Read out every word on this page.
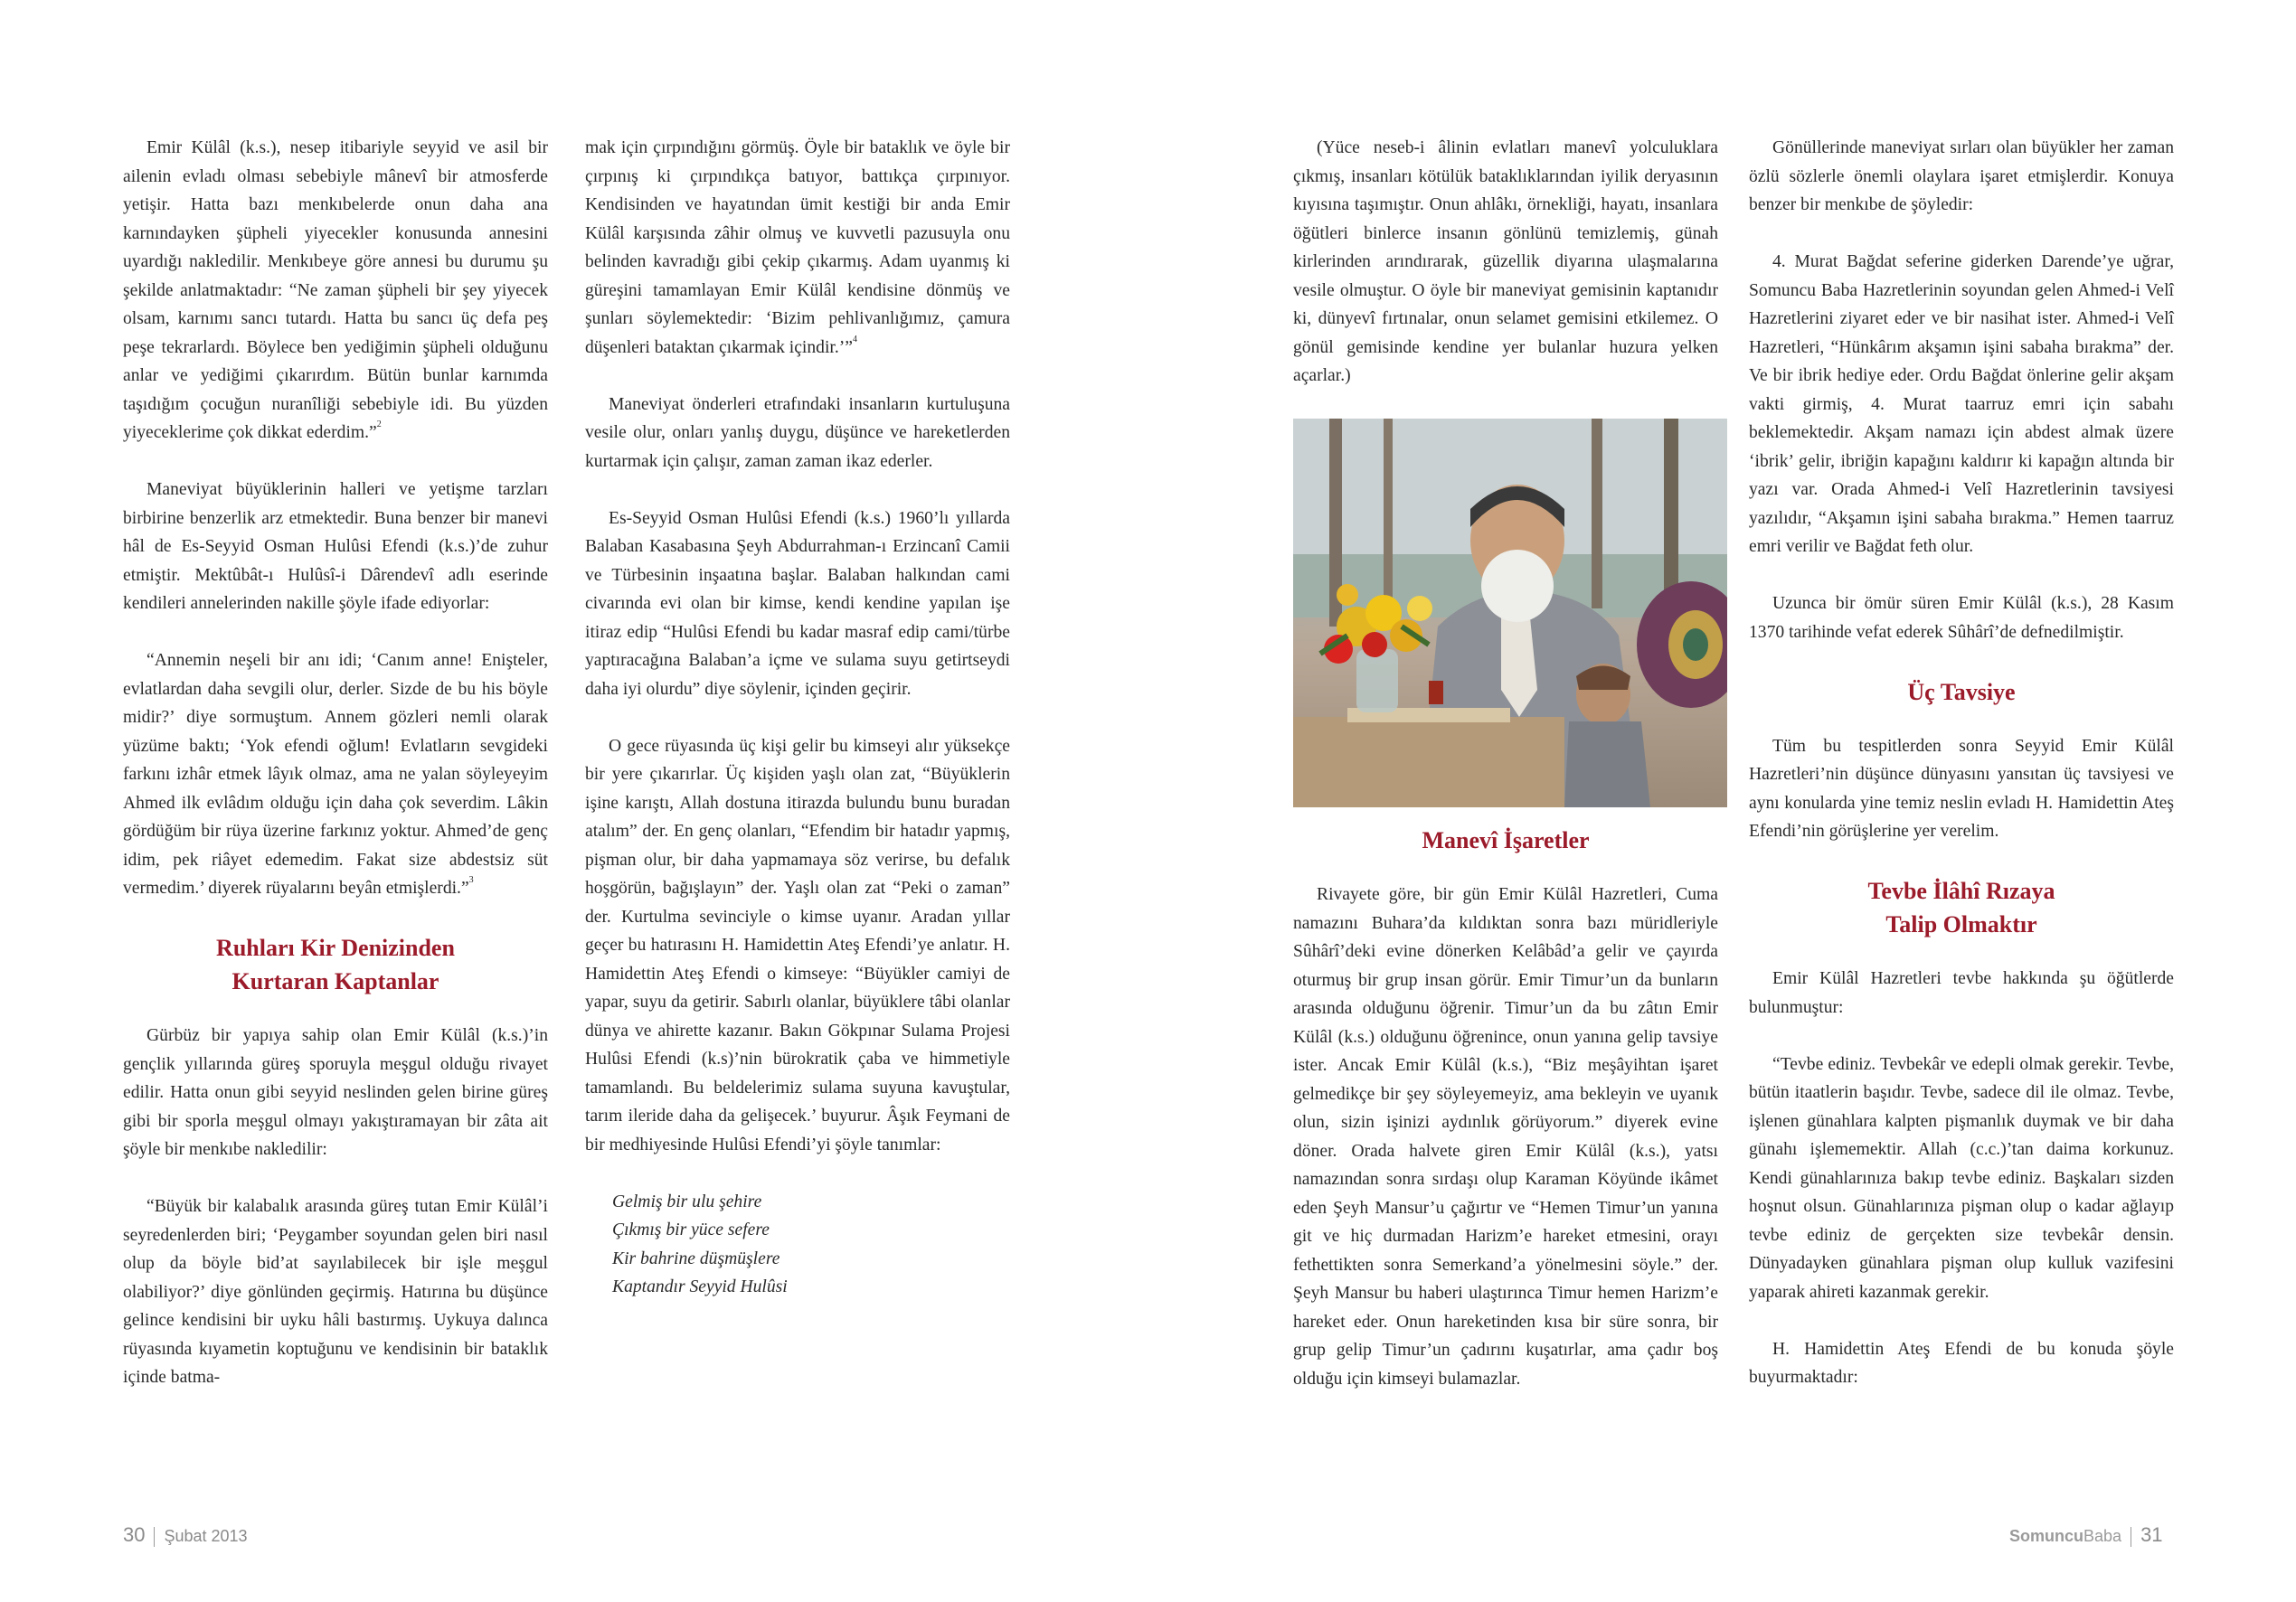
Emir Külâl (k.s.), nesep itibariyle seyyid ve asil bir ailenin evladı olması sebebiyle mânevî bir atmosferde yetişir. Hatta bazı menkıbelerde onun daha ana karnındayken şüpheli yiyecekler konusunda annesini uyardığı nakledilir. Menkıbeye göre annesi bu durumu şu şekilde anlatmaktadır: “Ne zaman şüpheli bir şey yiyecek olsam, karnımı sancı tutardı. Hatta bu sancı üç defa peş peşe tekrarlardı. Böylece ben yediğimin şüpheli olduğunu anlar ve yediğimi çıkarırdım. Bütün bunlar karnımda taşıdığım çocuğun nuranîliği sebebiyle idi. Bu yüzden yiyeceklerime çok dikkat ederdim.”$^2$

Maneviyat büyüklerinin halleri ve yetişme tarzları birbirine benzerlik arz etmektedir. Buna benzer bir manevi hâl de Es-Seyyid Osman Hulûsi Efendi (k.s.)’de zuhur etmiştir. Mektûbât-ı Hulûsî-i Dârendevî adlı eserinde kendileri annelerinden nakille şöyle ifade ediyorlar:

“Annemin neşeli bir anı idi; ‘Canım anne! Enişteler, evlatlardan daha sevgili olur, derler. Sizde de bu his böyle midir?’ diye sormuştum. Annem gözleri nemli olarak yüzüme baktı; ‘Yok efendi oğlum! Evlatların sevgideki farkını izhâr etmek lâyık olmaz, ama ne yalan söyleyeyim Ahmed ilk evlâdım olduğu için daha çok severdim. Lâkin gördüğüm bir rüya üzerine farkınız yoktur. Ahmed’de genç idim, pek riâyet edemedim. Fakat size abdestsiz süt vermedim.’ diyerek rüyalarını beyân etmişlerdi.”$^3$

Ruhları Kir Denizinden
Kurtaran Kaptanlar

Gürbüz bir yapıya sahip olan Emir Külâl (k.s.)’in gençlik yıllarında güreş sporuyla meşgul olduğu rivayet edilir. Hatta onun gibi seyyid neslinden gelen birine güreş gibi bir sporla meşgul olmayı yakıştıramayan bir zâta ait şöyle bir menkıbe nakledilir:

“Büyük bir kalabalık arasında güreş tutan Emir Külâl’i seyredenlerden biri; ‘Peygamber soyundan gelen biri nasıl olup da böyle bid’at sayılabilecek bir işle meşgul olabiliyor?’ diye gönlünden geçirmiş. Hatırına bu düşünce gelince kendisini bir uyku hâli bastırmış. Uykuya dalınca rüyasında kıyametin koptuğunu ve kendisinin bir bataklık içinde batma-

mak için çırpındığını görmüş. Öyle bir bataklık ve öyle bir çırpınış ki çırpındıkça batıyor, battıkça çırpınıyor. Kendisinden ve hayatından ümit kestiği bir anda Emir Külâl karşısında zâhir olmuş ve kuvvetli pazusuyla onu belinden kavradığı gibi çekip çıkarmış. Adam uyanmış ki güreşini tamamlayan Emir Külâl kendisine dönmüş ve şunları söylemektedir: ‘Bizim pehlivanlığımız, çamura düşenleri bataktan çıkarmak içindir.’”$^4$

Maneviyat önderleri etrafındaki insanların kurtuluşuna vesile olur, onları yanlış duygu, düşünce ve hareketlerden kurtarmak için çalışır, zaman zaman ikaz ederler.

Es-Seyyid Osman Hulûsi Efendi (k.s.) 1960’lı yıllarda Balaban Kasabasına Şeyh Abdurrahman-ı Erzincanî Camii ve Türbesinin inşaatına başlar. Balaban halkından cami civarında evi olan bir kimse, kendi kendine yapılan işe itiraz edip “Hulûsi Efendi bu kadar masraf edip cami/türbe yaptıracağına Balaban’a içme ve sulama suyu getirtseydi daha iyi olurdu” diye söylenir, içinden geçirir.

O gece rüyasında üç kişi gelir bu kimseyi alır yüksekçe bir yere çıkarırlar. Üç kişiden yaşlı olan zat, “Büyüklerin işine karıştı, Allah dostuna itirazda bulundu bunu buradan atalım” der. En genç olanları, “Efendim bir hatadır yapmış, pişman olur, bir daha yapmamaya söz verirse, bu defalık hoşgörün, bağışlayın” der. Yaşlı olan zat “Peki o zaman” der. Kurtulma sevinciyle o kimse uyanır. Aradan yıllar geçer bu hatırasını H. Hamidettin Ateş Efendi’ye anlatır. H. Hamidettin Ateş Efendi o kimseye: “Büyükler camiyi de yapar, suyu da getirir. Sabırlı olanlar, büyüklere tâbi olanlar dünya ve ahirette kazanır. Bakın Gökpınar Sulama Projesi Hulûsi Efendi (k.s)’nin bürokratik çaba ve himmetiyle tamamlandı. Bu beldelerimiz sulama suyuna kavuştular, tarım ileride daha da gelişecek.’ buyurur. Âşık Feymani de bir medhiyesinde Hulûsi Efendi’yi şöyle tanımlar:

Gelmiş bir ulu şehire
Çıkmış bir yüce sefere
Kir bahrine düşmüşlere
Kaptandır Seyyid Hulûsi

30 Şubat 2013

(Yüce neseb-i âlinin evlatları manevî yolculuklara çıkmış, insanları kötülük bataklıklarından iyilik deryasının kıyısına taşımıştır. Onun ahlâkı, örnekliği, hayatı, insanlara öğütleri binlerce insanın gönlünü temizlemiş, günah kirlerinden arındırarak, güzellik diyarına ulaşmalarına vesile olmuştur. O öyle bir maneviyat gemisinin kaptanıdır ki, dünyevî fırtınalar, onun selamet gemisini etkilemez. O gönül gemisinde kendine yer bulanlar huzura yelken açarlar.)

Manevî İşaretler

Rivayete göre, bir gün Emir Külâl Hazretleri, Cuma namazını Buhara’da kıldıktan sonra bazı müridleriyle Sûhârî’deki evine dönerken Kelâbâd’a gelir ve çayırda oturmuş bir grup insan görür. Emir Timur’un da bunların arasında olduğunu öğrenir. Timur’un da bu zâtın Emir Külâl (k.s.) olduğunu öğrenince, onun yanına gelip tavsiye ister. Ancak Emir Külâl (k.s.), “Biz meşâyihtan işaret gelmedikçe bir şey söyleyemeyiz, ama bekleyin ve uyanık olun, sizin işinizi aydınlık görüyorum.” diyerek evine döner. Orada halvete giren Emir Külâl (k.s.), yatsı namazından sonra sırdaşı olup Karaman Köyünde ikâmet eden Şeyh Mansur’u çağırtır ve “Hemen Timur’un yanına git ve hiç durmadan Harizm’e hareket etmesini, orayı fethettikten sonra Semerkand’a yönelmesini söyle.” der. Şeyh Mansur bu haberi ulaştırınca Timur hemen Harizm’e hareket eder. Onun hareketinden kısa bir süre sonra, bir grup gelip Timur’un çadırını kuşatırlar, ama çadır boş olduğu için kimseyi bulamazlar.

Gönüllerinde maneviyat sırları olan büyükler her zaman özlü sözlerle önemli olaylara işaret etmişlerdir. Konuya benzer bir menkıbe de şöyledir:

4. Murat Bağdat seferine giderken Darende’ye uğrar, Somuncu Baba Hazretlerinin soyundan gelen Ahmed-i Velî Hazretlerini ziyaret eder ve bir nasihat ister. Ahmed-i Velî Hazretleri, “Hünkârım akşamın işini sabaha bırakma” der. Ve bir ibrik hediye eder. Ordu Bağdat önlerine gelir akşam vakti girmiş, 4. Murat taarruz emri için sabahı beklemektedir. Akşam namazı için abdest almak üzere ‘ibrik’ gelir, ibriğin kapağını kaldırır ki kapağın altında bir yazı var. Orada Ahmed-i Velî Hazretlerinin tavsiyesi yazılıdır, “Akşamın işini sabaha bırakma.” Hemen taarruz emri verilir ve Bağdat feth olur.

Uzunca bir ömür süren Emir Külâl (k.s.), 28 Kasım 1370 tarihinde vefat ederek Sûhârî’de defnedilmiştir.

Üç Tavsiye

Tüm bu tespitlerden sonra Seyyid Emir Külâl Hazretleri’nin düşünce dünyasını yansıtan üç tavsiyesi ve aynı konularda yine temiz neslin evladı H. Hamidettin Ateş Efendi’nin görüşlerine yer verelim.

Tevbe İlâhî Rızaya
Talip Olmaktır

Emir Külâl Hazretleri tevbe hakkında şu öğütlerde bulunmuştur:

“Tevbe ediniz. Tevbekâr ve edepli olmak gerekir. Tevbe, bütün itaatlerin başıdır. Tevbe, sadece dil ile olmaz. Tevbe, işlenen günahlara kalpten pişmanlık duymak ve bir daha günahı işlememektir. Allah (c.c.)’tan daima korkunuz. Kendi günahlarınıza bakıp tevbe ediniz. Başkaları sizden hoşnut olsun. Günahlarınıza pişman olup o kadar ağlayıp tevbe ediniz de gerçekten size tevbekâr densin. Dünyadayken günahlara pişman olup kulluk vazifesini yaparak ahireti kazanmak gerekir.

H. Hamidettin Ateş Efendi de bu konuda şöyle buyurmaktadır:

SomuncuBaba 31
